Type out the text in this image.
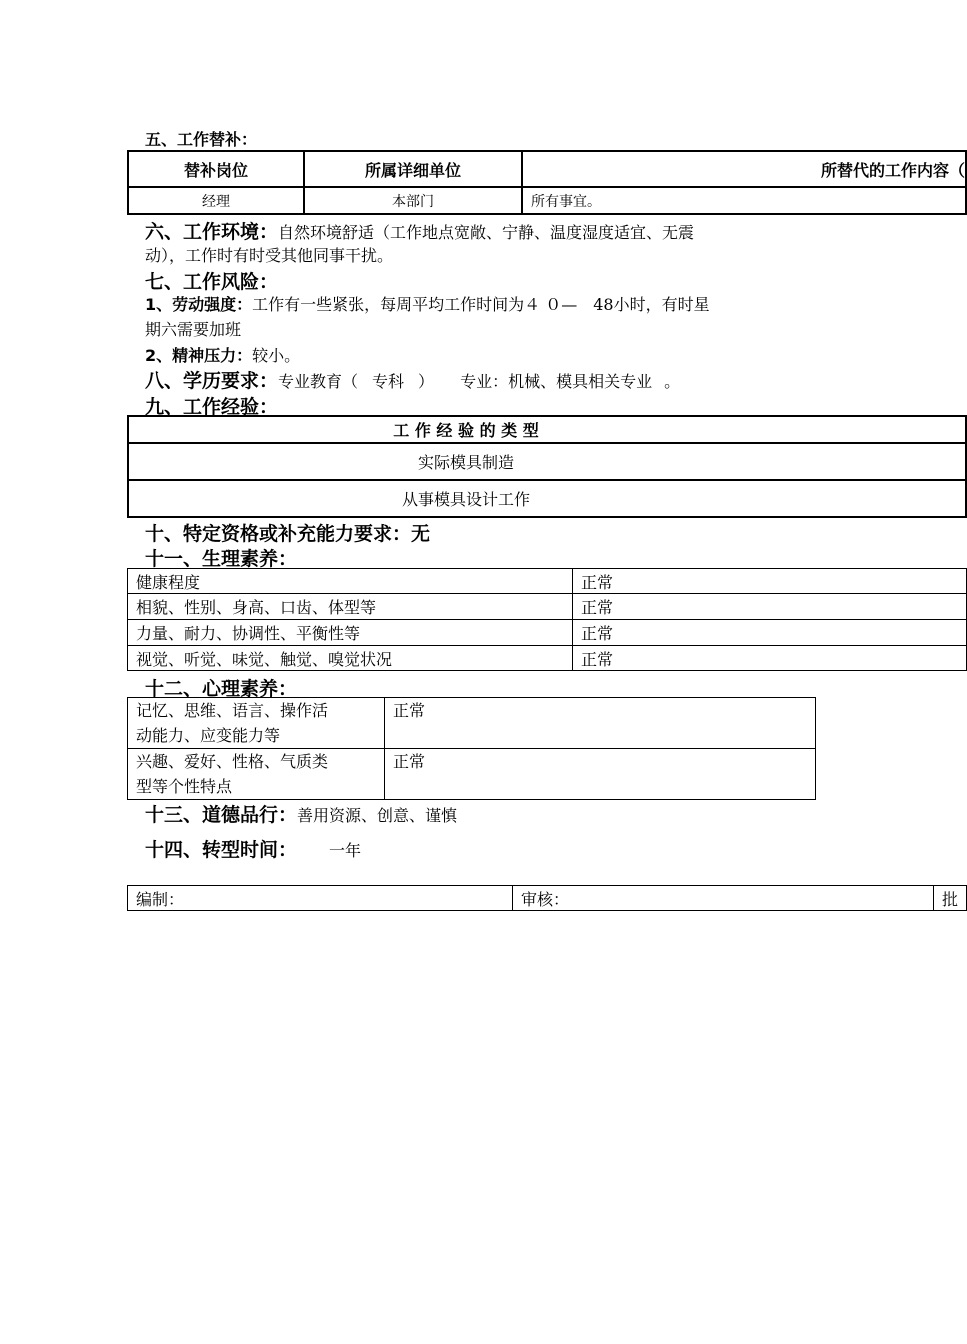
五、工作替补：
替补岗位	所属详细单位	所替代的工作内容（
经理	本部门	所有事宜。
六、工作环境：自然环境舒适（工作地点宽敞、宁静、温度湿度适宜、无震
动），工作时有时受其他同事干扰。
七、工作风险：
1、劳动强度：工作有一些紧张，每周平均工作时间为４ ０—　48小时，有时星
期六需要加班
2、精神压力：较小。
八、学历要求：专业教育（ 专科 ） 专业：机械、模具相关专业 。
九、工作经验：
工 作 经 验 的 类 型
实际模具制造
从事模具设计工作
十、特定资格或补充能力要求：无
十一、生理素养：
健康程度	正常
相貌、性别、身高、口齿、体型等	正常
力量、耐力、协调性、平衡性等	正常
视觉、听觉、味觉、触觉、嗅觉状况	正常
十二、心理素养：
记忆、思维、语言、操作活
动能力、应变能力等	正常

兴趣、爱好、性格、气质类
型等个性特点	正常
十三、道德品行：善用资源、创意、谨慎
十四、转型时间： 一年
编制：	审核：	批
